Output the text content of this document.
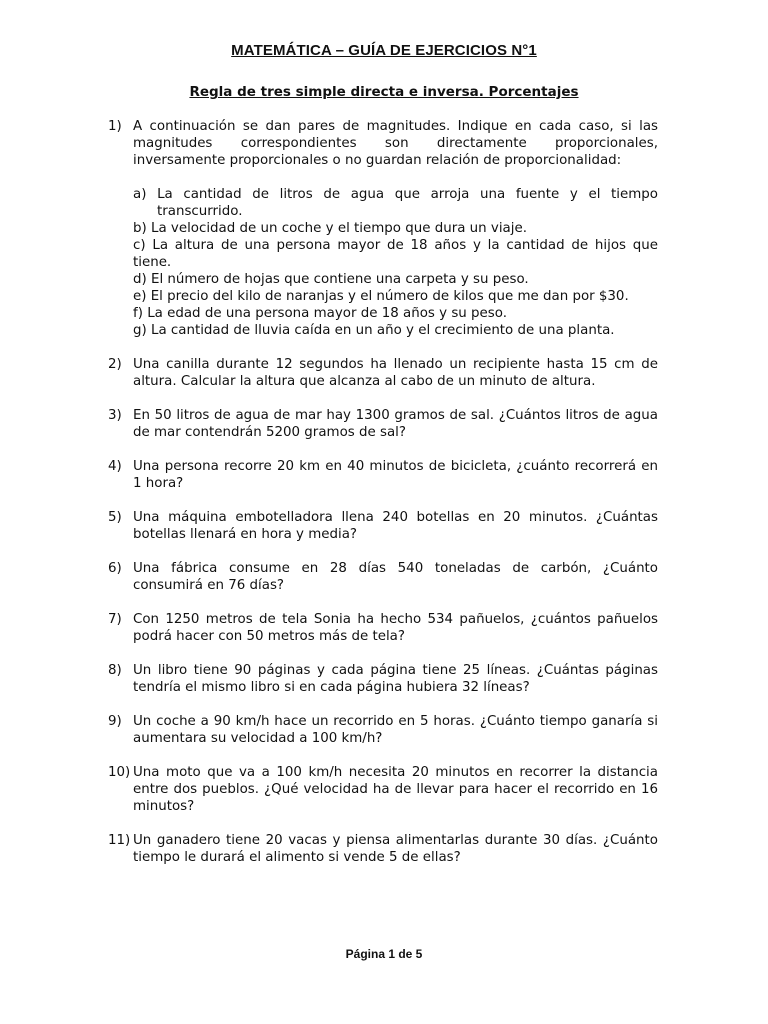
MATEMÁTICA – GUÍA DE EJERCICIOS N°1
Regla de tres simple directa e inversa. Porcentajes
1) A continuación se dan pares de magnitudes. Indique en cada caso, si las magnitudes correspondientes son directamente proporcionales, inversamente proporcionales o no guardan relación de proporcionalidad:
a) La cantidad de litros de agua que arroja una fuente y el tiempo transcurrido.
b) La velocidad de un coche y el tiempo que dura un viaje.
c) La altura de una persona mayor de 18 años y la cantidad de hijos que tiene.
d) El número de hojas que contiene una carpeta y su peso.
e) El precio del kilo de naranjas y el número de kilos que me dan por $30.
f) La edad de una persona mayor de 18 años y su peso.
g) La cantidad de lluvia caída en un año y el crecimiento de una planta.
2) Una canilla durante 12 segundos ha llenado un recipiente hasta 15 cm de altura. Calcular la altura que alcanza al cabo de un minuto de altura.
3) En 50 litros de agua de mar hay 1300 gramos de sal. ¿Cuántos litros de agua de mar contendrán 5200 gramos de sal?
4) Una persona recorre 20 km en 40 minutos de bicicleta, ¿cuánto recorrerá en 1 hora?
5) Una máquina embotelladora llena 240 botellas en 20 minutos. ¿Cuántas botellas llenará en hora y media?
6) Una fábrica consume en 28 días 540 toneladas de carbón, ¿Cuánto consumirá en 76 días?
7) Con 1250 metros de tela Sonia ha hecho 534 pañuelos, ¿cuántos pañuelos podrá hacer con 50 metros más de tela?
8) Un libro tiene 90 páginas y cada página tiene 25 líneas. ¿Cuántas páginas tendría el mismo libro si en cada página hubiera 32 líneas?
9) Un coche a 90 km/h hace un recorrido en 5 horas. ¿Cuánto tiempo ganaría si aumentara su velocidad a 100 km/h?
10) Una moto que va a 100 km/h necesita 20 minutos en recorrer la distancia entre dos pueblos. ¿Qué velocidad ha de llevar para hacer el recorrido en 16 minutos?
11) Un ganadero tiene 20 vacas y piensa alimentarlas durante 30 días. ¿Cuánto tiempo le durará el alimento si vende 5 de ellas?
Página 1 de 5
